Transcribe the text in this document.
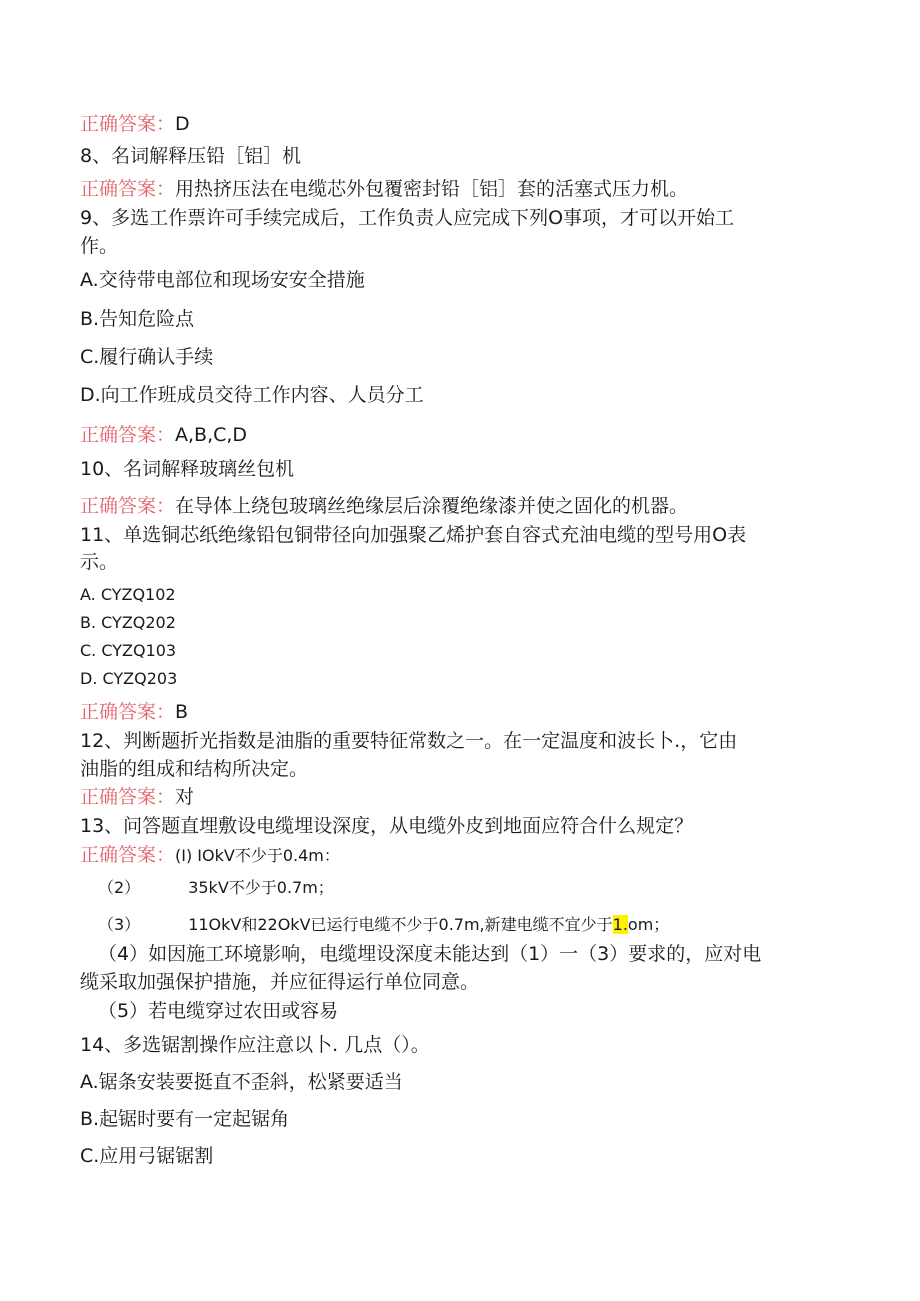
正确答案：D
8、名词解释压铅［铝］机
正确答案：用热挤压法在电缆芯外包覆密封铅［铝］套的活塞式压力机。
9、多选工作票许可手续完成后，工作负责人应完成下列O事项，才可以开始工
作。
A.交待带电部位和现场安安全措施
B.告知危险点
C.履行确认手续
D.向工作班成员交待工作内容、人员分工
正确答案：A,B,C,D
10、名词解释玻璃丝包机
正确答案：在导体上绕包玻璃丝绝缘层后涂覆绝缘漆并使之固化的机器。
11、单选铜芯纸绝缘铅包铜带径向加强聚乙烯护套自容式充油电缆的型号用O表
示。
A. CYZQ102
B. CYZQ202
C. CYZQ103
D. CYZQ203
正确答案：B
12、判断题折光指数是油脂的重要特征常数之一。在一定温度和波长卜.，它由
油脂的组成和结构所决定。
正确答案：对
13、问答题直埋敷设电缆埋设深度，从电缆外皮到地面应符合什么规定？
正确答案：(I) IOkV不少于0.4m：
（2）	35kV不少于0.7m；
（3）	11OkV和22OkV已运行电缆不少于0.7m,新建电缆不宜少于1.om；
（4）如因施工环境影响，电缆埋设深度未能达到（1）一（3）要求的，应对电
缆采取加强保护措施，并应征得运行单位同意。
（5）若电缆穿过农田或容易
14、多选锯割操作应注意以卜. 几点（）。
A.锯条安装要挺直不歪斜，松紧要适当
B.起锯时要有一定起锯角
C.应用弓锯锯割
